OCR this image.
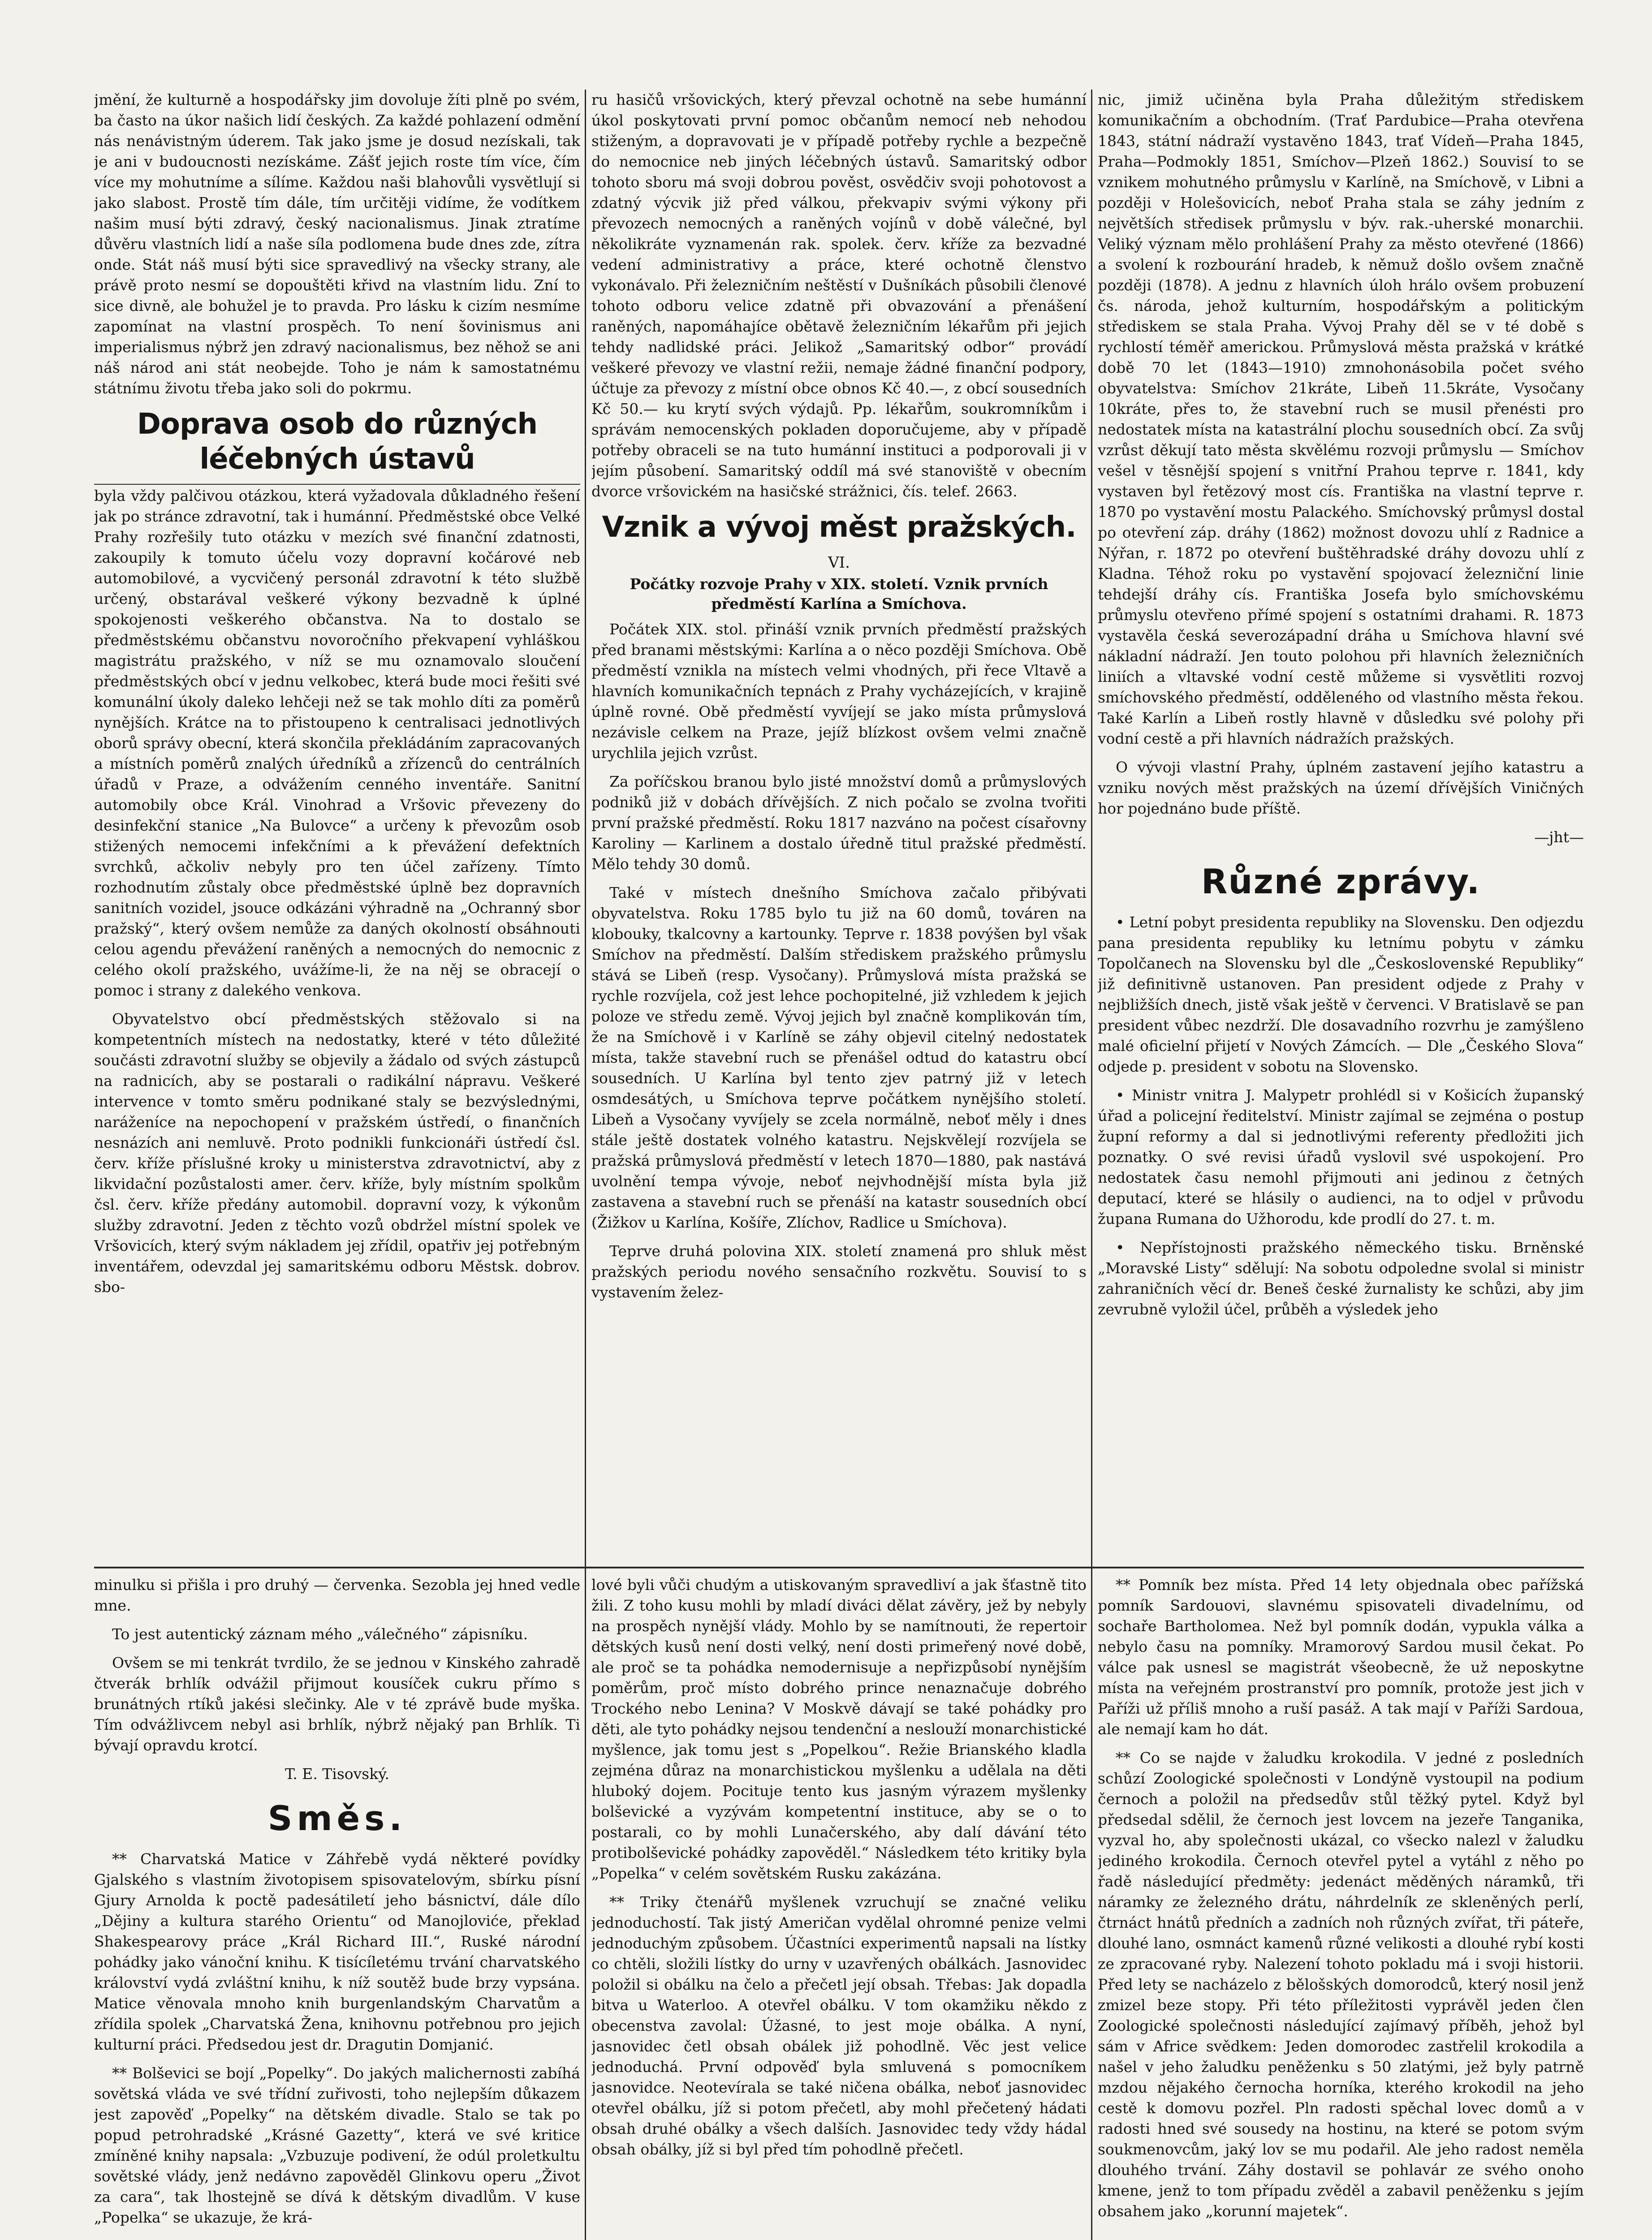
jmění, že kulturně a hospodářsky jim dovoluje žíti plně po svém, ba často na úkor našich lidí českých. Za každé pohlazení odmění nás nenávistným úderem. Tak jako jsme je dosud nezískali, tak je ani v budoucnosti nezískáme. Zášť jejich roste tím více, čím více my mohutníme a sílíme. Každou naši blahovůli vysvětlují si jako slabost. Prostě tím dále, tím určitěji vidíme, že vodítkem našim musí býti zdravý, český nacionalismus. Jinak ztratíme důvěru vlastních lidí a naše síla podlomena bude dnes zde, zítra onde. Stát náš musí býti sice spravedlivý na všecky strany, ale právě proto nesmí se dopouštěti křivd na vlastním lidu. Zní to sice divně, ale bohužel je to pravda. Pro lásku k cizím nesmíme zapomínat na vlastní prospěch. To není šovinismus ani imperialismus nýbrž jen zdravý nacionalismus, bez něhož se ani náš národ ani stát neobejde. Toho je nám k samostatnému státnímu životu třeba jako soli do pokrmu.

Doprava osob do různých léčebných ústavů

byla vždy palčivou otázkou, která vyžadovala důkladného řešení jak po stránce zdravotní, tak i humánní. Předměstské obce Velké Prahy rozřešily tuto otázku v mezích své finanční zdatnosti, zakoupily k tomuto účelu vozy dopravní kočárové neb automobilové, a vycvičený personál zdravotní k této službě určený, obstarával veškeré výkony bezvadně k úplné spokojenosti veškerého občanstva. Na to dostalo se předměstskému občanstvu novoročního překvapení vyhláškou magistrátu pražského, v níž se mu oznamovalo sloučení předměstských obcí v jednu velkobec, která bude moci řešiti své komunální úkoly daleko lehčeji než se tak mohlo díti za poměrů nynějších. Krátce na to přistoupeno k centralisaci jednotlivých oborů správy obecní, která skončila překládáním zapracovaných a místních poměrů znalých úředníků a zřízenců do centrálních úřadů v Praze, a odvážením cenného inventáře. Sanitní automobily obce Král. Vinohrad a Vršovic převezeny do desinfekční stanice „Na Bulovce“ a určeny k převozům osob stižených nemocemi infekčními a k převážení defektních svrchků, ačkoliv nebyly pro ten účel zařízeny. Tímto rozhodnutím zůstaly obce předměstské úplně bez dopravních sanitních vozidel, jsouce odkázáni výhradně na „Ochranný sbor pražský“, který ovšem nemůže za daných okolností obsáhnouti celou agendu převážení raněných a nemocných do nemocnic z celého okolí pražského, uvážíme-li, že na něj se obracejí o pomoc i strany z dalekého venkova.

Obyvatelstvo obcí předměstských stěžovalo si na kompetentních místech na nedostatky, které v této důležité součásti zdravotní služby se objevily a žádalo od svých zástupců na radnicích, aby se postarali o radikální nápravu. Veškeré intervence v tomto směru podnikané staly se bezvýslednými, naráženíce na nepochopení v pražském ústředí, o finančních nesnázích ani nemluvě. Proto podnikli funkcionáři ústředí čsl. červ. kříže příslušné kroky u ministerstva zdravotnictví, aby z likvidační pozůstalosti amer. červ. kříže, byly místním spolkům čsl. červ. kříže předány automobil. dopravní vozy, k výkonům služby zdravotní. Jeden z těchto vozů obdržel místní spolek ve Vršovicích, který svým nákladem jej zřídil, opatřiv jej potřebným inventářem, odevzdal jej samaritskému odboru Městsk. dobrov. sbo-

minulku si přišla i pro druhý — červenka. Sezobla jej hned vedle mne.

To jest autentický záznam mého „válečného“ zápisníku.

Ovšem se mi tenkrát tvrdilo, že se jednou v Kinského zahradě čtverák brhlík odvážil přijmout kousíček cukru přímo s brunátných rtíků jakési slečinky. Ale v té zprávě bude myška. Tím odvážlivcem nebyl asi brhlík, nýbrž nějaký pan Brhlík. Ti bývají opravdu krotcí.

T. E. Tisovský.

Směs.

** Charvatská Matice v Záhřebě vydá některé povídky Gjalského s vlastním životopisem spisovatelovým, sbírku písní Gjury Arnolda k poctě padesátiletí jeho básnictví, dále dílo „Dějiny a kultura starého Orientu“ od Manojloviće, překlad Shakespearovy práce „Král Richard III.“, Ruské národní pohádky jako vánoční knihu. K tisícíletému trvání charvatského království vydá zvláštní knihu, k níž soutěž bude brzy vypsána. Matice věnovala mnoho knih burgenlandským Charvatům a zřídila spolek „Charvatská Žena, knihovnu potřebnou pro jejich kulturní práci. Předsedou jest dr. Dragutin Domjanić.

** Bolševici se bojí „Popelky“. Do jakých malichernosti zabíhá sovětská vláda ve své třídní zuřivosti, toho nejlepším důkazem jest zapověď „Popelky“ na dětském divadle. Stalo se tak po popud petrohradské „Krásné Gazetty“, která ve své kritice zmíněné knihy napsala: „Vzbuzuje podivení, že odúl proletkultu sovětské vlády, jenž nedávno zapověděl Glinkovu operu „Život za cara“, tak lhostejně se dívá k dětským divadlům. V kuse „Popelka“ se ukazuje, že krá-

ru hasičů vršovických, který převzal ochotně na sebe humánní úkol poskytovati první pomoc občanům nemocí neb nehodou stiženým, a dopravovati je v případě potřeby rychle a bezpečně do nemocnice neb jiných léčebných ústavů. Samaritský odbor tohoto sboru má svoji dobrou pověst, osvědčiv svoji pohotovost a zdatný výcvik již před válkou, překvapiv svými výkony při převozech nemocných a raněných vojínů v době válečné, byl několikráte vyznamenán rak. spolek. červ. kříže za bezvadné vedení administrativy a práce, které ochotně členstvo vykonávalo. Při železničním neštěstí v Dušníkách působili členové tohoto odboru velice zdatně při obvazování a přenášení raněných, napomáhajíce obětavě železničním lékařům při jejich tehdy nadlidské práci. Jelikož „Samaritský odbor“ provádí veškeré převozy ve vlastní režii, nemaje žádné finanční podpory, účtuje za převozy z místní obce obnos Kč 40.—, z obcí sousedních Kč 50.— ku krytí svých výdajů. Pp. lékařům, soukromníkům i správám nemocenských pokladen doporučujeme, aby v případě potřeby obraceli se na tuto humánní instituci a podporovali ji v jejím působení. Samaritský oddíl má své stanoviště v obecním dvorce vršovickém na hasičské strážnici, čís. telef. 2663.

Vznik a vývoj měst pražských.
VI.
Počátky rozvoje Prahy v XIX. století. Vznik prvních předměstí Karlína a Smíchova.

Počátek XIX. stol. přináší vznik prvních předměstí pražských před branami městskými: Karlína a o něco později Smíchova. Obě předměstí vznikla na místech velmi vhodných, při řece Vltavě a hlavních komunikačních tepnách z Prahy vycházejících, v krajině úplně rovné. Obě předměstí vyvíjejí se jako místa průmyslová nezávisle celkem na Praze, jejíž blízkost ovšem velmi značně urychlila jejich vzrůst.

Za poříčskou branou bylo jisté množství domů a průmyslových podniků již v dobách dřívějších. Z nich počalo se zvolna tvořiti první pražské předměstí. Roku 1817 nazváno na počest císařovny Karoliny — Karlinem a dostalo úředně titul pražské předměstí. Mělo tehdy 30 domů.

Také v místech dnešního Smíchova začalo přibývati obyvatelstva. Roku 1785 bylo tu již na 60 domů, továren na klobouky, tkalcovny a kartounky. Teprve r. 1838 povýšen byl však Smíchov na předměstí. Dalším střediskem pražského průmyslu stává se Libeň (resp. Vysočany). Průmyslová místa pražská se rychle rozvíjela, což jest lehce pochopitelné, již vzhledem k jejich poloze ve středu země. Vývoj jejich byl značně komplikován tím, že na Smíchově i v Karlíně se záhy objevil citelný nedostatek místa, takže stavební ruch se přenášel odtud do katastru obcí sousedních. U Karlína byl tento zjev patrný již v letech osmdesátých, u Smíchova teprve počátkem nynějšího století. Libeň a Vysočany vyvíjely se zcela normálně, neboť měly i dnes stále ještě dostatek volného katastru. Nejskvělejí rozvíjela se pražská průmyslová předměstí v letech 1870—1880, pak nastává uvolnění tempa vývoje, neboť nejvhodnější místa byla již zastavena a stavební ruch se přenáší na katastr sousedních obcí (Žižkov u Karlína, Košíře, Zlíchov, Radlice u Smíchova).

Teprve druhá polovina XIX. století znamená pro shluk měst pražských periodu nového sensačního rozkvětu. Souvisí to s vystavením želez-

lové byli vůči chudým a utiskovaným spravedliví a jak šťastně tito žili. Z toho kusu mohli by mladí diváci dělat závěry, jež by nebyly na prospěch nynější vlády. Mohlo by se namítnouti, že repertoir dětských kusů není dosti velký, není dosti primeřený nové době, ale proč se ta pohádka nemodernisuje a nepřizpůsobí nynějším poměrům, proč místo dobrého prince nenaznačuje dobrého Trockého nebo Lenina? V Moskvě dávají se také pohádky pro děti, ale tyto pohádky nejsou tendenční a neslouží monarchistické myšlence, jak tomu jest s „Popelkou“. Režie Brianského kladla zejména důraz na monarchistickou myšlenku a udělala na děti hluboký dojem. Pocituje tento kus jasným výrazem myšlenky bolševické a vyzývám kompetentní instituce, aby se o to postarali, co by mohli Lunačerského, aby dalí dávání této protibolševické pohádky zapověděl.“ Následkem této kritiky byla „Popelka“ v celém sovětském Rusku zakázána.

** Triky čtenářů myšlenek vzruchují se značné veliku jednoduchostí. Tak jistý Američan vydělal ohromné penize velmi jednoduchým způsobem. Účastníci experimentů napsali na lístky co chtěli, složili lístky do urny v uzavřených obálkách. Jasnovidec položil si obálku na čelo a přečetl její obsah. Třebas: Jak dopadla bitva u Waterloo. A otevřel obálku. V tom okamžiku někdo z obecenstva zavolal: Úžasné, to jest moje obálka. A nyní, jasnovidec četl obsah obálek již pohodlně. Věc jest velice jednoduchá. První odpověď byla smluvená s pomocníkem jasnovidce. Neotevírala se také ničena obálka, neboť jasnovidec otevřel obálku, jíž si potom přečetl, aby mohl přečetený hádati obsah druhé obálky a všech dalších. Jasnovidec tedy vždy hádal obsah obálky, jíž si byl před tím pohodlně přečetl.

nic, jimiž učiněna byla Praha důležitým střediskem komunikačním a obchodním. (Trať Pardubice—Praha otevřena 1843, státní nádraží vystavěno 1843, trať Vídeň—Praha 1845, Praha—Podmokly 1851, Smíchov—Plzeň 1862.) Souvisí to se vznikem mohutného průmyslu v Karlíně, na Smíchově, v Libni a později v Holešovicích, neboť Praha stala se záhy jedním z největších středisek průmyslu v býv. rak.-uherské monarchii. Veliký význam mělo prohlášení Prahy za město otevřené (1866) a svolení k rozbourání hradeb, k němuž došlo ovšem značně později (1878). A jednu z hlavních úloh hrálo ovšem probuzení čs. národa, jehož kulturním, hospodářským a politickým střediskem se stala Praha. Vývoj Prahy děl se v té době s rychlostí téměř americkou. Průmyslová města pražská v krátké době 70 let (1843—1910) zmnohonásobila počet svého obyvatelstva: Smíchov 21kráte, Libeň 11.5kráte, Vysočany 10kráte, přes to, že stavební ruch se musil přenésti pro nedostatek místa na katastrální plochu sousedních obcí. Za svůj vzrůst děkují tato města skvělému rozvoji průmyslu — Smíchov vešel v těsnější spojení s vnitřní Prahou teprve r. 1841, kdy vystaven byl řetězový most cís. Františka na vlastní teprve r. 1870 po vystavění mostu Palackého. Smíchovský průmysl dostal po otevření záp. dráhy (1862) možnost dovozu uhlí z Radnice a Nýřan, r. 1872 po otevření buštěhradské dráhy dovozu uhlí z Kladna. Téhož roku po vystavění spojovací železniční linie tehdejší dráhy cís. Františka Josefa bylo smíchovskému průmyslu otevřeno přímé spojení s ostatními drahami. R. 1873 vystavěla česká severozápadní dráha u Smíchova hlavní své nákladní nádraží. Jen touto polohou při hlavních železničních liniích a vltavské vodní cestě můžeme si vysvětliti rozvoj smíchovského předměstí, odděleného od vlastního města řekou. Také Karlín a Libeň rostly hlavně v důsledku své polohy při vodní cestě a při hlavních nádražích pražských.

O vývoji vlastní Prahy, úplném zastavení jejího katastru a vzniku nových měst pražských na území dřívějších Viničných hor pojednáno bude příště.

—jht—

Různé zprávy.

• Letní pobyt presidenta republiky na Slovensku. Den odjezdu pana presidenta republiky ku letnímu pobytu v zámku Topolčanech na Slovensku byl dle „Československé Republiky“ již definitivně ustanoven. Pan president odjede z Prahy v nejbližších dnech, jistě však ještě v červenci. V Bratislavě se pan president vůbec nezdrží. Dle dosavadního rozvrhu je zamýšleno malé oficielní přijetí v Nových Zámcích. — Dle „Českého Slova“ odjede p. president v sobotu na Slovensko.

• Ministr vnitra J. Malypetr prohlédl si v Košicích županský úřad a policejní ředitelství. Ministr zajímal se zejména o postup župní reformy a dal si jednotlivými referenty předložiti jich poznatky. O své revisi úřadů vyslovil své uspokojení. Pro nedostatek času nemohl přijmouti ani jedinou z četných deputací, které se hlásily o audienci, na to odjel v průvodu župana Rumana do Užhorodu, kde prodlí do 27. t. m.

• Nepřístojnosti pražského německého tisku. Brněnské „Moravské Listy“ sdělují: Na sobotu odpoledne svolal si ministr zahraničních věcí dr. Beneš české žurnalisty ke schůzi, aby jim zevrubně vyložil účel, průběh a výsledek jeho

** Pomník bez místa. Před 14 lety objednala obec pařížská pomník Sardouovi, slavnému spisovateli divadelnímu, od sochaře Bartholomea. Než byl pomník dodán, vypukla válka a nebylo času na pomníky. Mramorový Sardou musil čekat. Po válce pak usnesl se magistrát všeobecně, že už neposkytne místa na veřejném prostranství pro pomník, protože jest jich v Paříži už příliš mnoho a ruší pasáž. A tak mají v Paříži Sardoua, ale nemají kam ho dát.

** Co se najde v žaludku krokodila. V jedné z posledních schůzí Zoologické společnosti v Londýně vystoupil na podium černoch a položil na předsedův stůl těžký pytel. Když byl předsedal sdělil, že černoch jest lovcem na jezeře Tanganika, vyzval ho, aby společnosti ukázal, co všecko nalezl v žaludku jediného krokodila. Černoch otevřel pytel a vytáhl z něho po řadě následující předměty: jedenáct měděných náramků, tři náramky ze železného drátu, náhrdelník ze skleněných perlí, čtrnáct hnátů předních a zadních noh různých zvířat, tři páteře, dlouhé lano, osmnáct kamenů různé velikosti a dlouhé rybí kosti ze zpracované ryby. Nalezení tohoto pokladu má i svoji historii. Před lety se nacházelo z bělošských domorodců, který nosil jenž zmizel beze stopy. Při této příležitosti vyprávěl jeden člen Zoologické společnosti následující zajímavý příběh, jehož byl sám v Africe svědkem: Jeden domorodec zastřelil krokodila a našel v jeho žaludku peněženku s 50 zlatými, jež byly patrně mzdou nějakého černocha horníka, kterého krokodil na jeho cestě k domovu pozřel. Pln radosti spěchal lovec domů a v radosti hned své sousedy na hostinu, na které se potom svým soukmenovcům, jaký lov se mu podařil. Ale jeho radost neměla dlouhého trvání. Záhy dostavil se pohlavár ze svého onoho kmene, jenž to tom případu zvěděl a zabavil peněženku s jejím obsahem jako „korunní majetek“.
